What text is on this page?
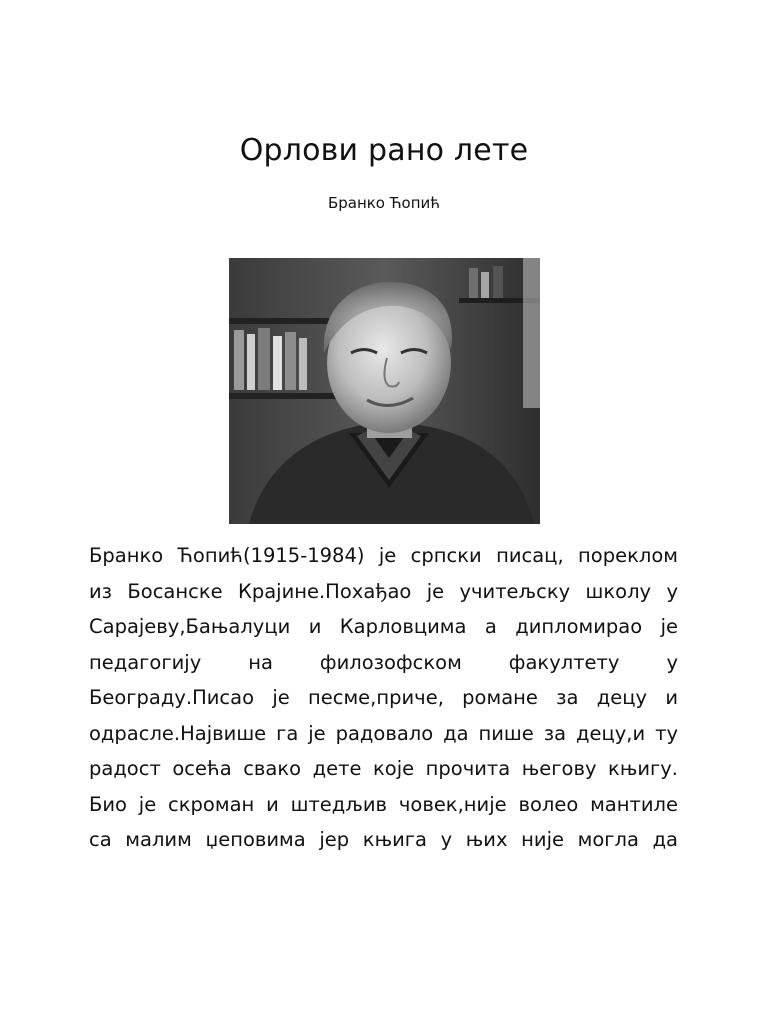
Орлови рано лете

Бранко Ћопић

Бранко Ћопић(1915-1984) је српски писац, пореклом
из Босанске Крајине.Похађао је учитељску школу у
Сарајеву,Бањалуци и Карловцима а дипломирао је
педагогију на филозофском факултету у
Београду.Писао је песме,приче, романе за децу и
одрасле.Највише га је радовало да пише за децу,и ту
радост осећа свако дете које прочита његову књигу.
Био је скроман и штедљив човек,није волео мантиле
са малим џеповима јер књига у њих није могла да
